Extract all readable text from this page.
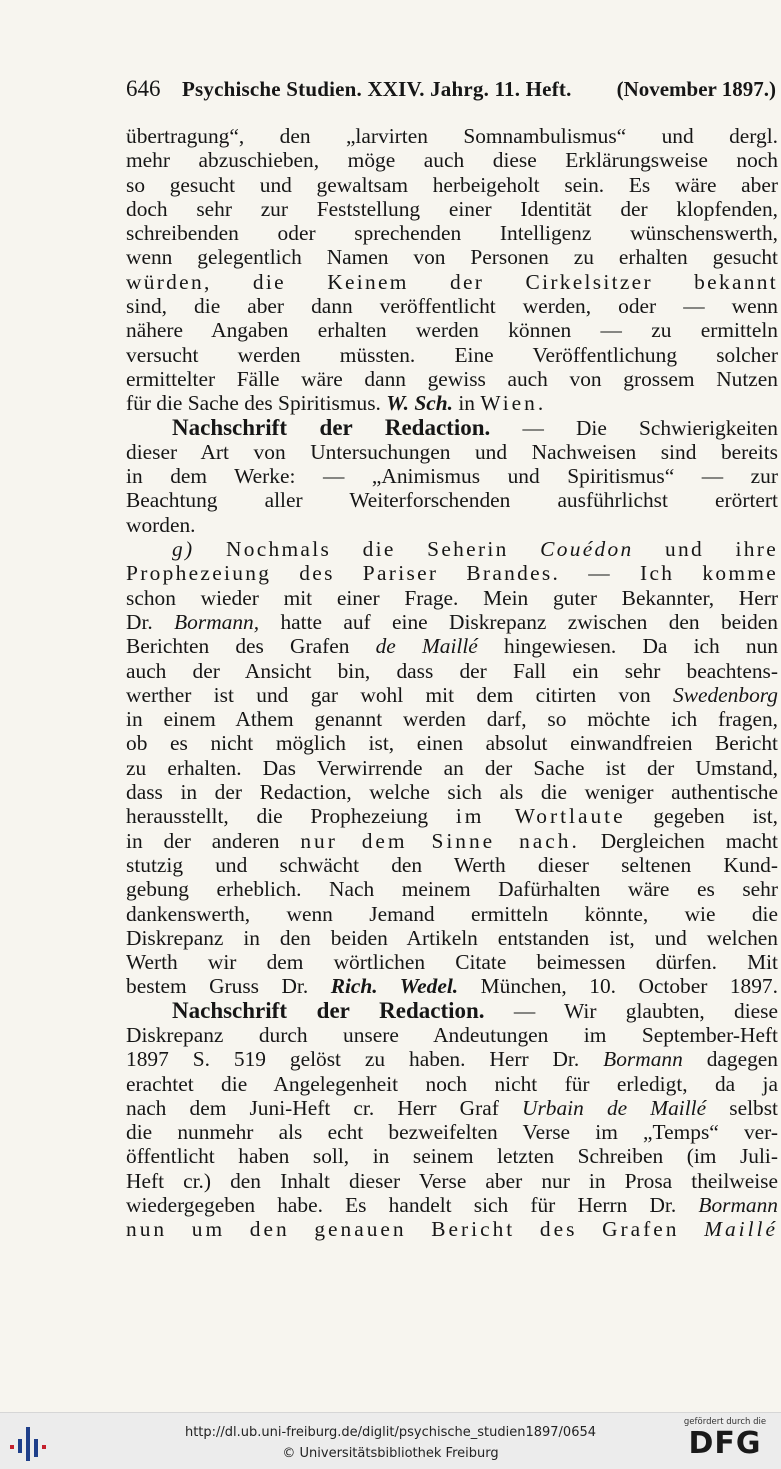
646 Psychische Studien. XXIV. Jahrg. 11. Heft. (November 1897.)
übertragung“, den „larvirten Somnambulismus“ und dergl.
mehr abzuschieben, möge auch diese Erklärungsweise noch
so gesucht und gewaltsam herbeigeholt sein. Es wäre aber
doch sehr zur Feststellung einer Identität der klopfenden,
schreibenden oder sprechenden Intelligenz wünschenswerth,
wenn gelegentlich Namen von Personen zu erhalten gesucht
würden, die Keinem der Cirkelsitzer bekannt
sind, die aber dann veröffentlicht werden, oder — wenn
nähere Angaben erhalten werden können — zu ermitteln
versucht werden müssten. Eine Veröffentlichung solcher
ermittelter Fälle wäre dann gewiss auch von grossem Nutzen
für die Sache des Spiritismus. W. Sch. in Wien.
Nachschrift der Redaction. — Die Schwierigkeiten
dieser Art von Untersuchungen und Nachweisen sind bereits
in dem Werke: — „Animismus und Spiritismus“ — zur
Beachtung aller Weiterforschenden ausführlichst erörtert
worden.
g) Nochmals die Seherin Couédon und ihre
Prophezeiung des Pariser Brandes. — Ich komme
schon wieder mit einer Frage. Mein guter Bekannter, Herr
Dr. Bormann, hatte auf eine Diskrepanz zwischen den beiden
Berichten des Grafen de Maillé hingewiesen. Da ich nun
auch der Ansicht bin, dass der Fall ein sehr beachtens-
werther ist und gar wohl mit dem citirten von Swedenborg
in einem Athem genannt werden darf, so möchte ich fragen,
ob es nicht möglich ist, einen absolut einwandfreien Bericht
zu erhalten. Das Verwirrende an der Sache ist der Umstand,
dass in der Redaction, welche sich als die weniger authentische
herausstellt, die Prophezeiung im Wortlaute gegeben ist,
in der anderen nur dem Sinne nach. Dergleichen macht
stutzig und schwächt den Werth dieser seltenen Kund-
gebung erheblich. Nach meinem Dafürhalten wäre es sehr
dankenswerth, wenn Jemand ermitteln könnte, wie die
Diskrepanz in den beiden Artikeln entstanden ist, und welchen
Werth wir dem wörtlichen Citate beimessen dürfen. Mit
bestem Gruss Dr. Rich. Wedel. München, 10. October 1897.
Nachschrift der Redaction. — Wir glaubten, diese
Diskrepanz durch unsere Andeutungen im September-Heft
1897 S. 519 gelöst zu haben. Herr Dr. Bormann dagegen
erachtet die Angelegenheit noch nicht für erledigt, da ja
nach dem Juni-Heft cr. Herr Graf Urbain de Maillé selbst
die nunmehr als echt bezweifelten Verse im „Temps“ ver-
öffentlicht haben soll, in seinem letzten Schreiben (im Juli-
Heft cr.) den Inhalt dieser Verse aber nur in Prosa theilweise
wiedergegeben habe. Es handelt sich für Herrn Dr. Bormann
nun um den genauen Bericht des Grafen Maillé
http://dl.ub.uni-freiburg.de/diglit/psychische_studien1897/0654
© Universitätsbibliothek Freiburg
gefördert durch die
DFG
